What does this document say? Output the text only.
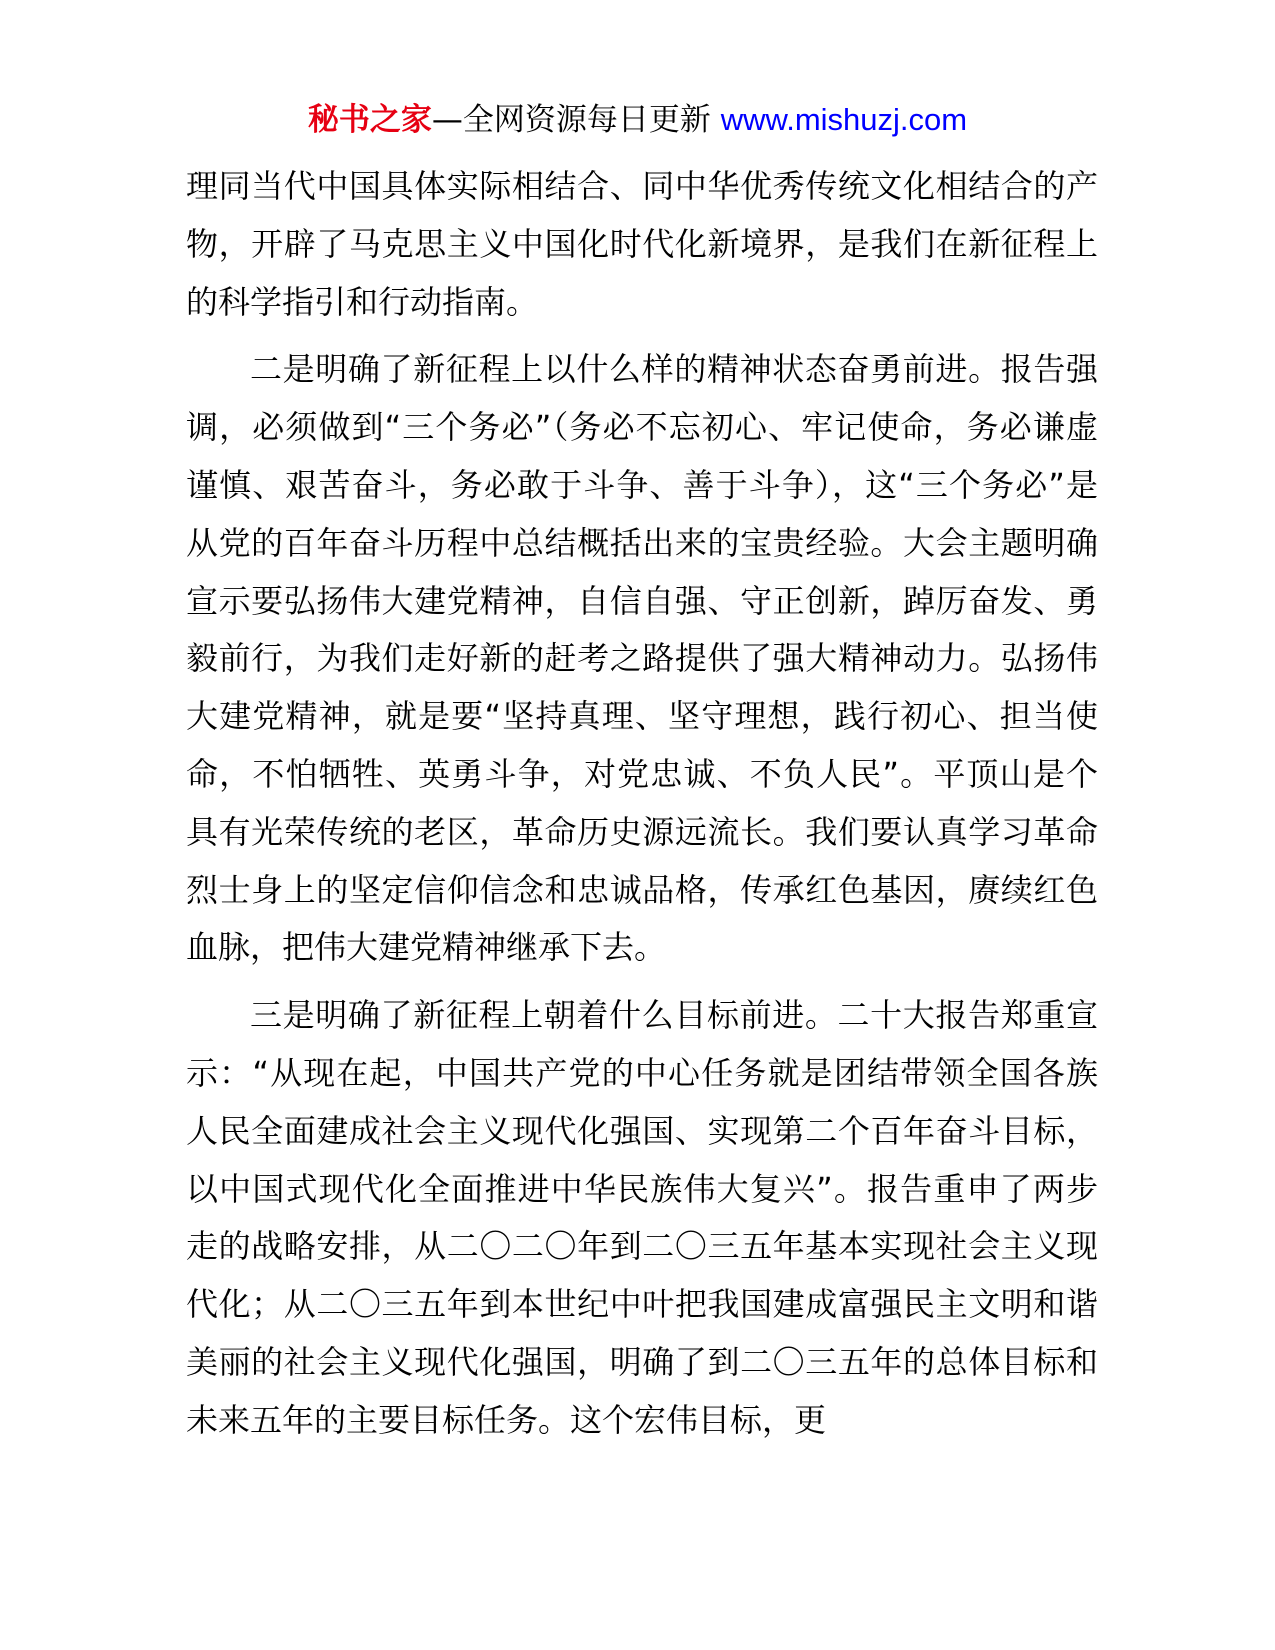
秘书之家—全网资源每日更新 www.mishuzj.com

理同当代中国具体实际相结合、同中华优秀传统文化相结合的产物，开辟了马克思主义中国化时代化新境界，是我们在新征程上的科学指引和行动指南。

二是明确了新征程上以什么样的精神状态奋勇前进。报告强调，必须做到“三个务必”（务必不忘初心、牢记使命，务必谦虚谨慎、艰苦奋斗，务必敢于斗争、善于斗争），这“三个务必”是从党的百年奋斗历程中总结概括出来的宝贵经验。大会主题明确宣示要弘扬伟大建党精神，自信自强、守正创新，踔厉奋发、勇毅前行，为我们走好新的赶考之路提供了强大精神动力。弘扬伟大建党精神，就是要“坚持真理、坚守理想，践行初心、担当使命，不怕牺牲、英勇斗争，对党忠诚、不负人民”。平顶山是个具有光荣传统的老区，革命历史源远流长。我们要认真学习革命烈士身上的坚定信仰信念和忠诚品格，传承红色基因，赓续红色血脉，把伟大建党精神继承下去。

三是明确了新征程上朝着什么目标前进。二十大报告郑重宣示：“从现在起，中国共产党的中心任务就是团结带领全国各族人民全面建成社会主义现代化强国、实现第二个百年奋斗目标，以中国式现代化全面推进中华民族伟大复兴”。报告重申了两步走的战略安排，从二〇二〇年到二〇三五年基本实现社会主义现代化；从二〇三五年到本世纪中叶把我国建成富强民主文明和谐美丽的社会主义现代化强国，明确了到二〇三五年的总体目标和未来五年的主要目标任务。这个宏伟目标，更
